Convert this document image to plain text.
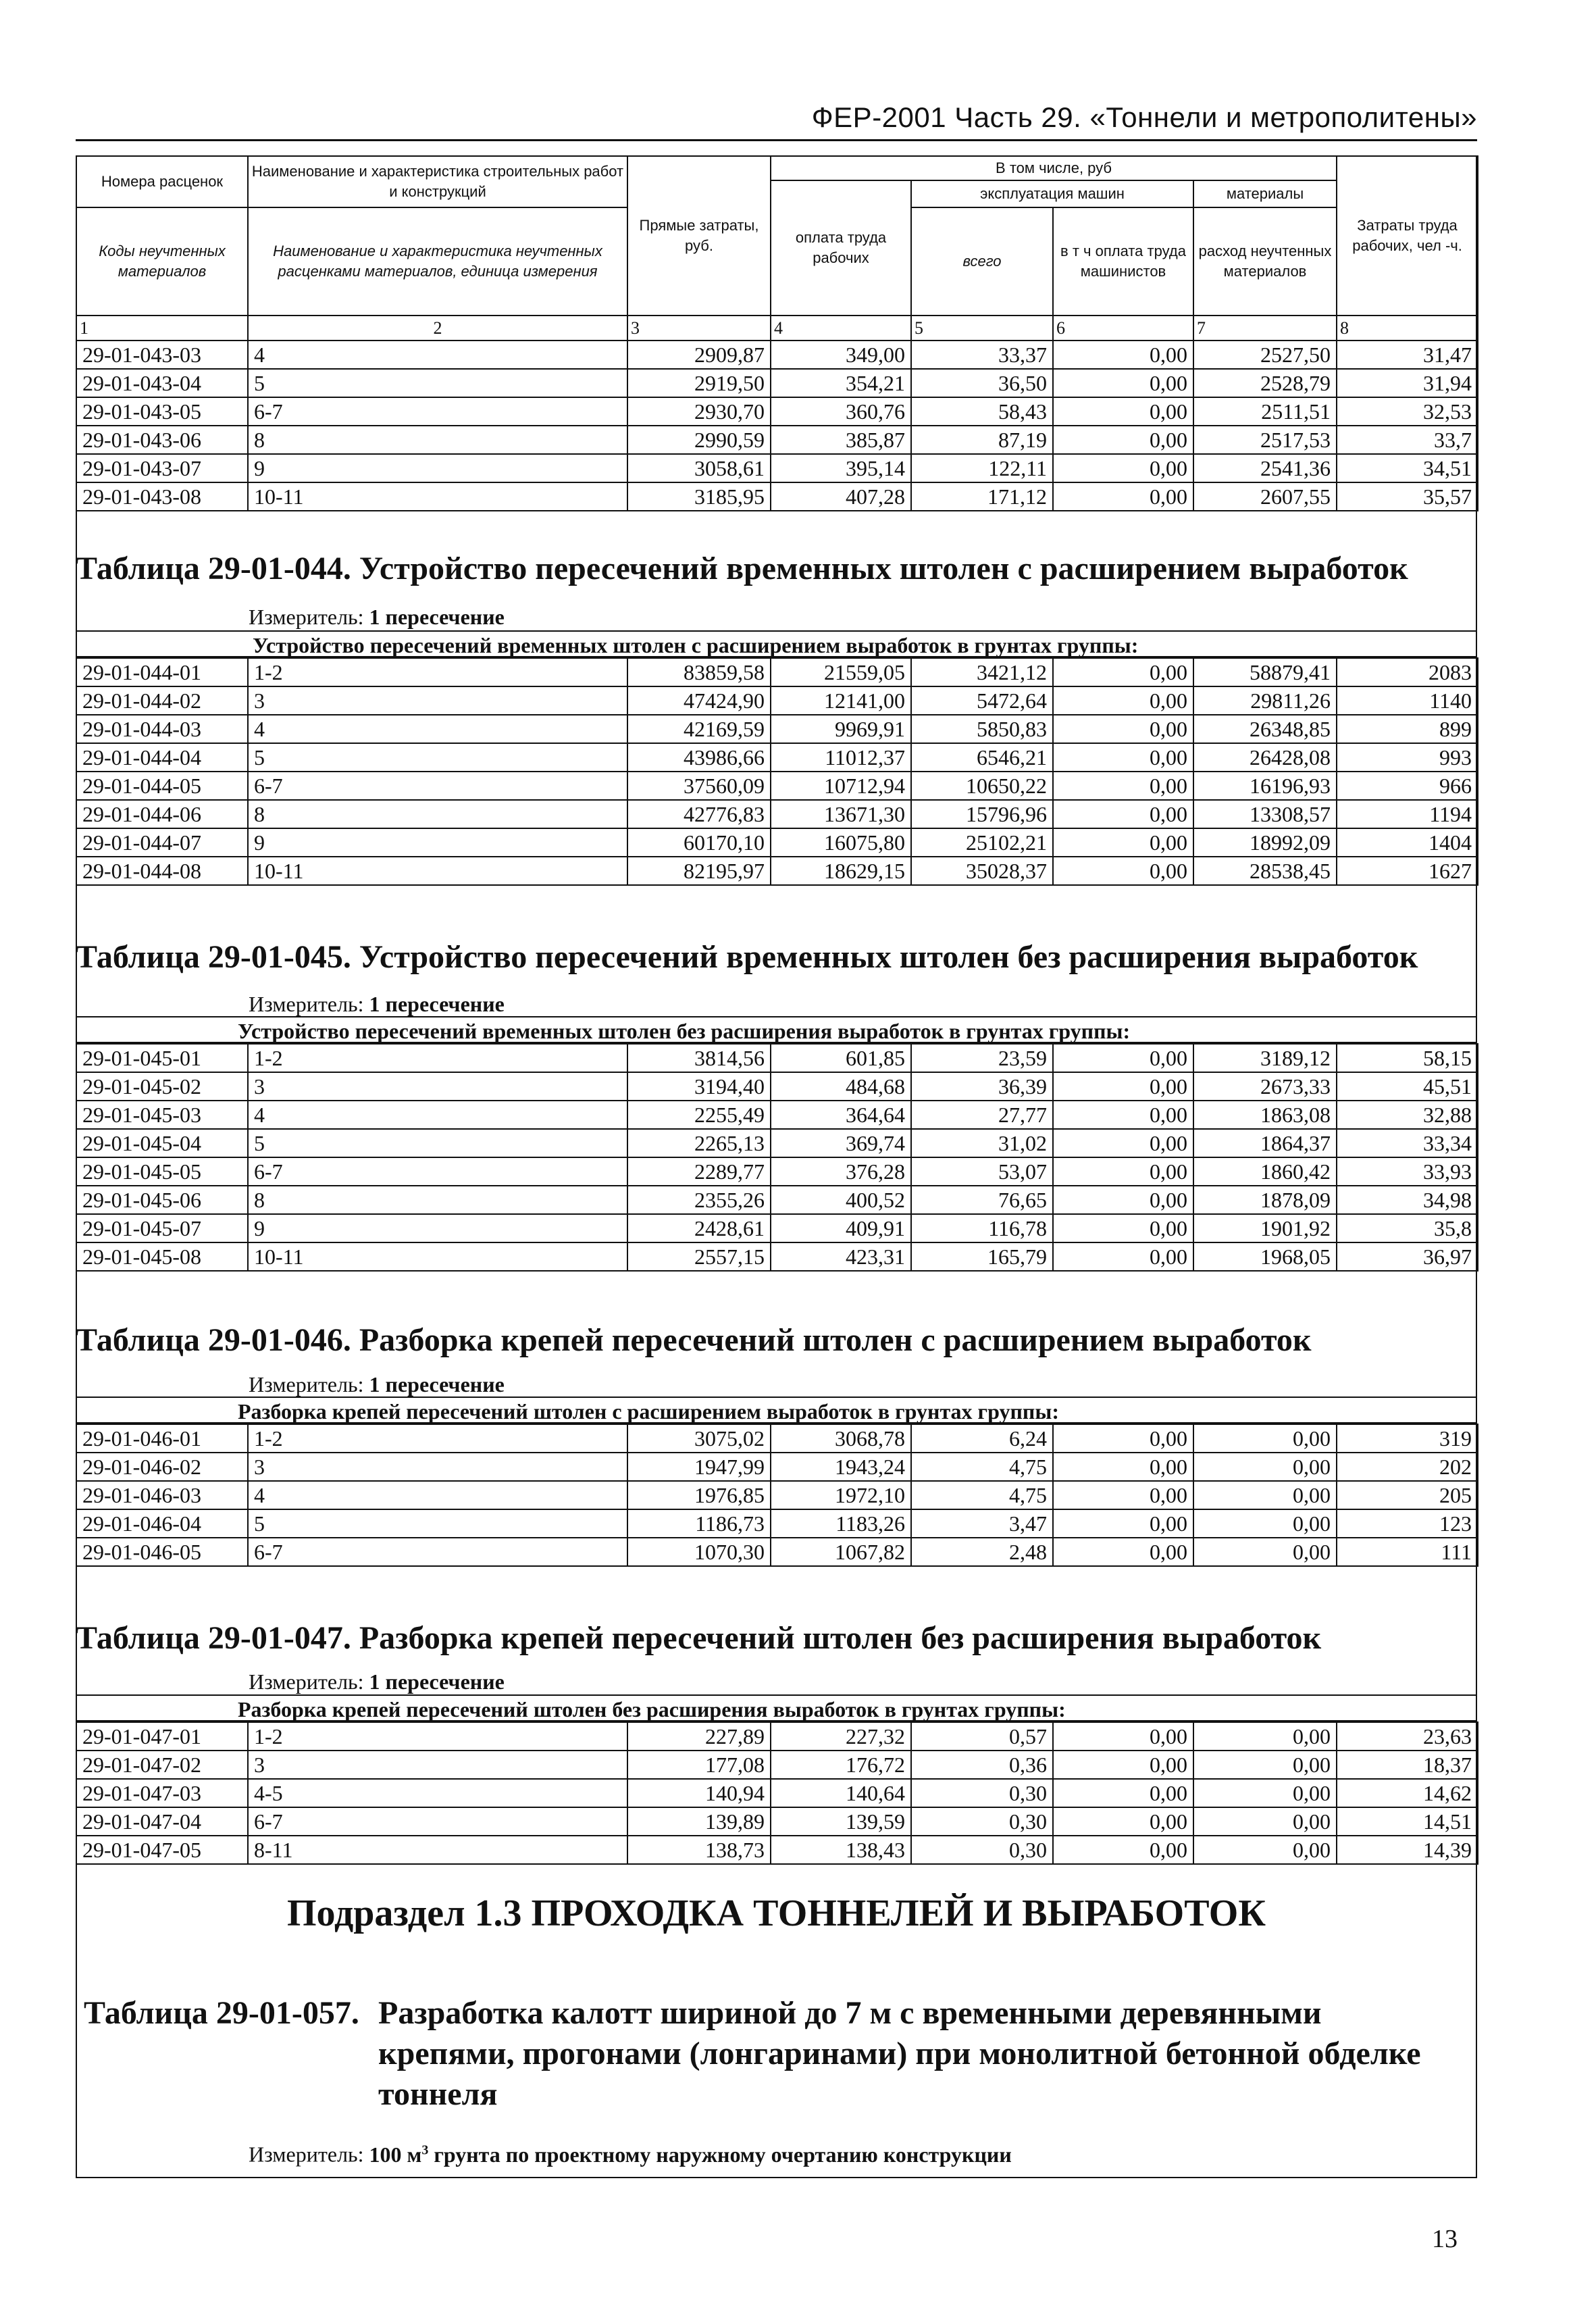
ФЕР-2001 Часть 29. «Тоннели и метрополитены»
Номера расценок	Наименование и характеристика строительных работ и конструкций	Прямые затраты, руб.	В том числе, руб				Затраты труда рабочих, чел -ч.
			оплата труда рабочих	эксплуатация машин		материалы	
Коды неучтенных материалов	Наименование и характеристика неучтенных расценками материалов, единица измерения			всего	в т ч оплата труда машинистов	расход неучтенных материалов	

1	2	3	4	5	6	7	8
29-01-043-03	4	2909,87	349,00	33,37	0,00	2527,50	31,47
29-01-043-04	5	2919,50	354,21	36,50	0,00	2528,79	31,94
29-01-043-05	6-7	2930,70	360,76	58,43	0,00	2511,51	32,53
29-01-043-06	8	2990,59	385,87	87,19	0,00	2517,53	33,7
29-01-043-07	9	3058,61	395,14	122,11	0,00	2541,36	34,51
29-01-043-08	10-11	3185,95	407,28	171,12	0,00	2607,55	35,57
Таблица 29-01-044. Устройство пересечений временных штолен с расширением выработок
Измеритель: 1 пересечение
Устройство пересечений временных штолен с расширением выработок в грунтах группы:
29-01-044-01	1-2	83859,58	21559,05	3421,12	0,00	58879,41	2083
29-01-044-02	3	47424,90	12141,00	5472,64	0,00	29811,26	1140
29-01-044-03	4	42169,59	9969,91	5850,83	0,00	26348,85	899
29-01-044-04	5	43986,66	11012,37	6546,21	0,00	26428,08	993
29-01-044-05	6-7	37560,09	10712,94	10650,22	0,00	16196,93	966
29-01-044-06	8	42776,83	13671,30	15796,96	0,00	13308,57	1194
29-01-044-07	9	60170,10	16075,80	25102,21	0,00	18992,09	1404
29-01-044-08	10-11	82195,97	18629,15	35028,37	0,00	28538,45	1627
Таблица 29-01-045. Устройство пересечений временных штолен без расширения выработок
Измеритель: 1 пересечение
Устройство пересечений временных штолен без расширения выработок в грунтах группы:
29-01-045-01	1-2	3814,56	601,85	23,59	0,00	3189,12	58,15
29-01-045-02	3	3194,40	484,68	36,39	0,00	2673,33	45,51
29-01-045-03	4	2255,49	364,64	27,77	0,00	1863,08	32,88
29-01-045-04	5	2265,13	369,74	31,02	0,00	1864,37	33,34
29-01-045-05	6-7	2289,77	376,28	53,07	0,00	1860,42	33,93
29-01-045-06	8	2355,26	400,52	76,65	0,00	1878,09	34,98
29-01-045-07	9	2428,61	409,91	116,78	0,00	1901,92	35,8
29-01-045-08	10-11	2557,15	423,31	165,79	0,00	1968,05	36,97
Таблица 29-01-046. Разборка крепей пересечений штолен с расширением выработок
Измеритель: 1 пересечение
Разборка крепей пересечений штолен с расширением выработок в грунтах группы:
29-01-046-01	1-2	3075,02	3068,78	6,24	0,00	0,00	319
29-01-046-02	3	1947,99	1943,24	4,75	0,00	0,00	202
29-01-046-03	4	1976,85	1972,10	4,75	0,00	0,00	205
29-01-046-04	5	1186,73	1183,26	3,47	0,00	0,00	123
29-01-046-05	6-7	1070,30	1067,82	2,48	0,00	0,00	111
Таблица 29-01-047. Разборка крепей пересечений штолен без расширения выработок
Измеритель: 1 пересечение
Разборка крепей пересечений штолен без расширения выработок в грунтах группы:
29-01-047-01	1-2	227,89	227,32	0,57	0,00	0,00	23,63
29-01-047-02	3	177,08	176,72	0,36	0,00	0,00	18,37
29-01-047-03	4-5	140,94	140,64	0,30	0,00	0,00	14,62
29-01-047-04	6-7	139,89	139,59	0,30	0,00	0,00	14,51
29-01-047-05	8-11	138,73	138,43	0,30	0,00	0,00	14,39
Подраздел 1.3 ПРОХОДКА ТОННЕЛЕЙ И ВЫРАБОТОК
Таблица 29-01-057. Разработка калотт шириной до 7 м с временными деревянными крепями, прогонами (лонгаринами) при монолитной бетонной обделке тоннеля
Измеритель: 100 $м^3$ грунта по проектному наружному очертанию конструкции
13
